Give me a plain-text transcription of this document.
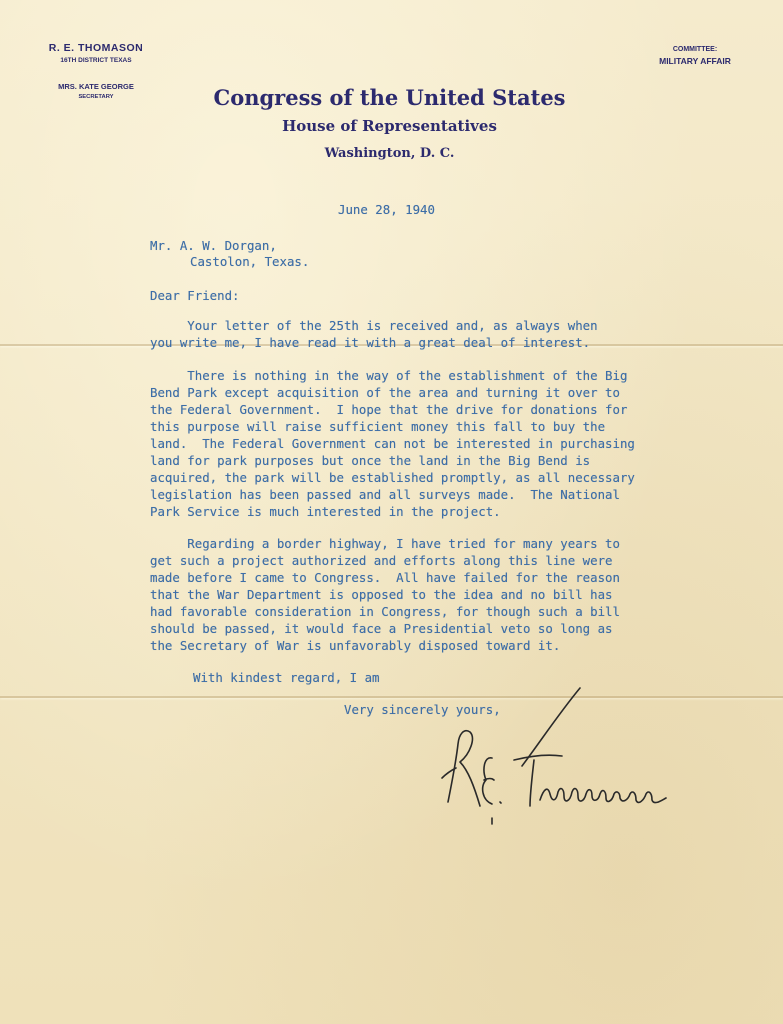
R. E. THOMASON
16TH DISTRICT TEXAS
MRS. KATE GEORGE
SECRETARY
COMMITTEE:
MILITARY AFFAIR
Congress of the United States
House of Representatives
Washington, D. C.
June 28, 1940
Mr. A. W. Dorgan,
Castolon, Texas.
Dear Friend:
Your letter of the 25th is received and, as always when
you write me, I have read it with a great deal of interest.
There is nothing in the way of the establishment of the Big
Bend Park except acquisition of the area and turning it over to
the Federal Government.  I hope that the drive for donations for
this purpose will raise sufficient money this fall to buy the
land.  The Federal Government can not be interested in purchasing
land for park purposes but once the land in the Big Bend is
acquired, the park will be established promptly, as all necessary
legislation has been passed and all surveys made.  The National
Park Service is much interested in the project.
Regarding a border highway, I have tried for many years to
get such a project authorized and efforts along this line were
made before I came to Congress.  All have failed for the reason
that the War Department is opposed to the idea and no bill has
had favorable consideration in Congress, for though such a bill
should be passed, it would face a Presidential veto so long as
the Secretary of War is unfavorably disposed toward it.
With kindest regard, I am
Very sincerely yours,
